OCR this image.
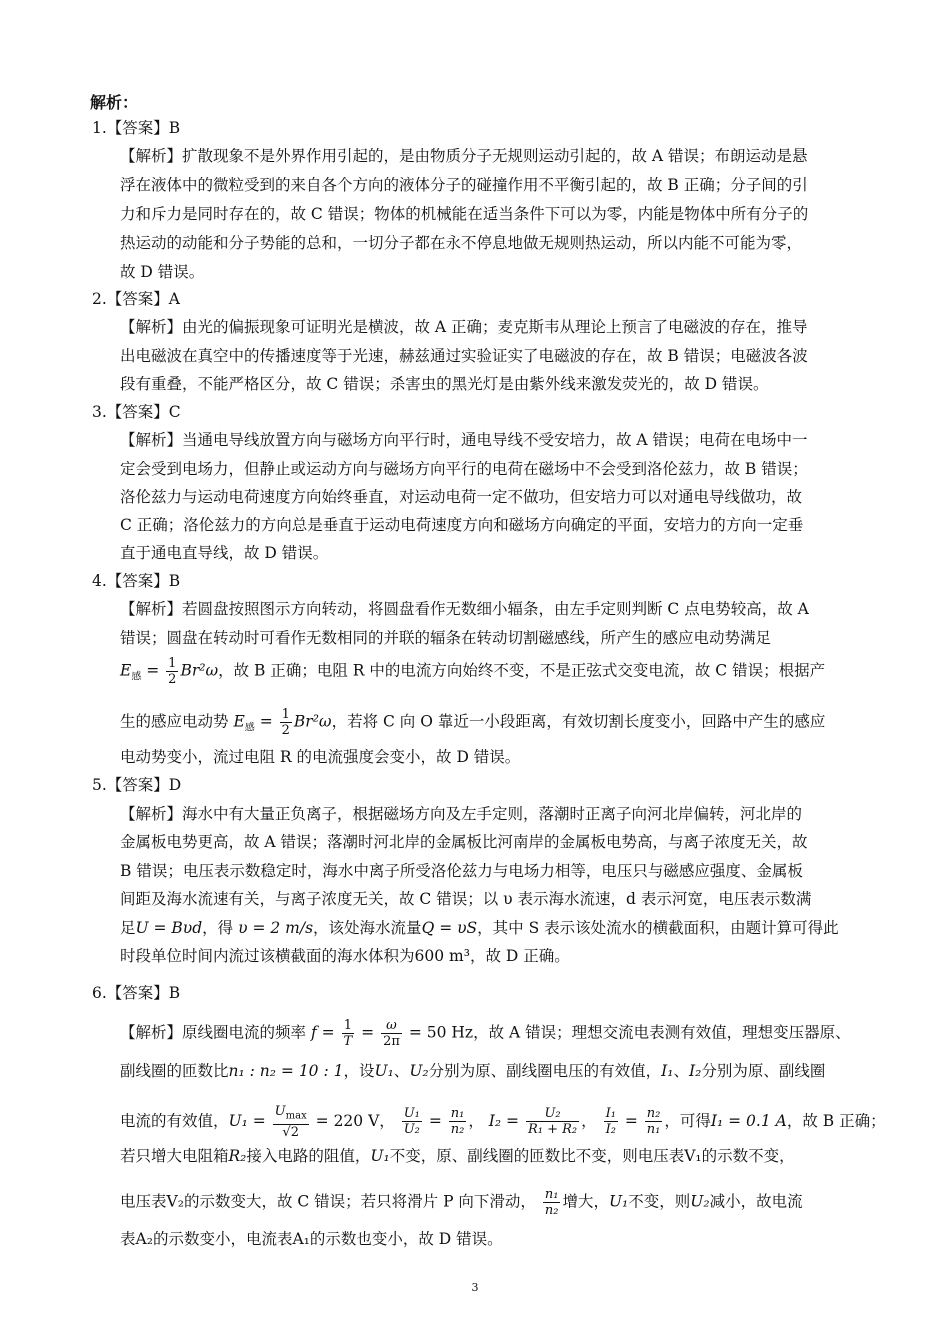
解析：
1.【答案】B
【解析】扩散现象不是外界作用引起的，是由物质分子无规则运动引起的，故 A 错误；布朗运动是悬
浮在液体中的微粒受到的来自各个方向的液体分子的碰撞作用不平衡引起的，故 B 正确；分子间的引
力和斥力是同时存在的，故 C 错误；物体的机械能在适当条件下可以为零，内能是物体中所有分子的
热运动的动能和分子势能的总和，一切分子都在永不停息地做无规则热运动，所以内能不可能为零，
故 D 错误。
2.【答案】A
【解析】由光的偏振现象可证明光是横波，故 A 正确；麦克斯韦从理论上预言了电磁波的存在，推导
出电磁波在真空中的传播速度等于光速，赫兹通过实验证实了电磁波的存在，故 B 错误；电磁波各波
段有重叠，不能严格区分，故 C 错误；杀害虫的黑光灯是由紫外线来激发荧光的，故 D 错误。
3.【答案】C
【解析】当通电导线放置方向与磁场方向平行时，通电导线不受安培力，故 A 错误；电荷在电场中一
定会受到电场力，但静止或运动方向与磁场方向平行的电荷在磁场中不会受到洛伦兹力，故 B 错误；
洛伦兹力与运动电荷速度方向始终垂直，对运动电荷一定不做功，但安培力可以对通电导线做功，故
C 正确；洛伦兹力的方向总是垂直于运动电荷速度方向和磁场方向确定的平面，安培力的方向一定垂
直于通电直导线，故 D 错误。
4.【答案】B
【解析】若圆盘按照图示方向转动，将圆盘看作无数细小辐条，由左手定则判断 C 点电势较高，故 A
错误；圆盘在转动时可看作无数相同的并联的辐条在转动切割磁感线，所产生的感应电动势满足
$E_感 = \frac{1}{2} Br^2\omega$，故 B 正确；电阻 R 中的电流方向始终不变，不是正弦式交变电流，故 C 错误；根据产
生的感应电动势 $E_感 = \frac{1}{2} Br^2\omega$，若将 C 向 O 靠近一小段距离，有效切割长度变小，回路中产生的感应
电动势变小，流过电阻 R 的电流强度会变小，故 D 错误。
5.【答案】D
【解析】海水中有大量正负离子，根据磁场方向及左手定则，落潮时正离子向河北岸偏转，河北岸的
金属板电势更高，故 A 错误；落潮时河北岸的金属板比河南岸的金属板电势高，与离子浓度无关，故
B 错误；电压表示数稳定时，海水中离子所受洛伦兹力与电场力相等，电压只与磁感应强度、金属板
间距及海水流速有关，与离子浓度无关，故 C 错误；以 υ 表示海水流速，d 表示河宽，电压表示数满
足U = Bυd，得 υ = 2 m/s，该处海水流量Q = υS，其中 S 表示该处流水的横截面积，由题计算可得此
时段单位时间内流过该横截面的海水体积为600 m³，故 D 正确。
6.【答案】B
【解析】原线圈电流的频率 $f = \frac{1}{T} = \frac{\omega}{2\pi} = 50$ Hz，故 A 错误；理想交流电表测有效值，理想变压器原、
副线圈的匝数比n₁ : n₂ = 10 : 1，设U₁、U₂分别为原、副线圈电压的有效值，I₁、I₂分别为原、副线圈
电流的有效值，$U_1 = \frac{U_{max}}{√2} = 220$ V， $\frac{\text{U₁}}{\text{U₂}} = \frac{\text{n₁}}{\text{n₂}}$ ， $I_2 = \frac{\text{U₂}}{\text{R₁ + R₂}}$ ， $\frac{\text{I₁}}{\text{I₂}} = \frac{\text{n₂}}{\text{n₁}}$ ，可得I₁ = 0.1 A，故 B 正确；
若只增大电阻箱R₂接入电路的阻值，U₁不变，原、副线圈的匝数比不变，则电压表V₁的示数不变，
电压表V₂的示数变大，故 C 错误；若只将滑片 P 向下滑动， $\frac{\text{n₁}}{\text{n₂}}$ 增大，U₁不变，则U₂减小，故电流
表A₂的示数变小，电流表A₁的示数也变小，故 D 错误。
3
